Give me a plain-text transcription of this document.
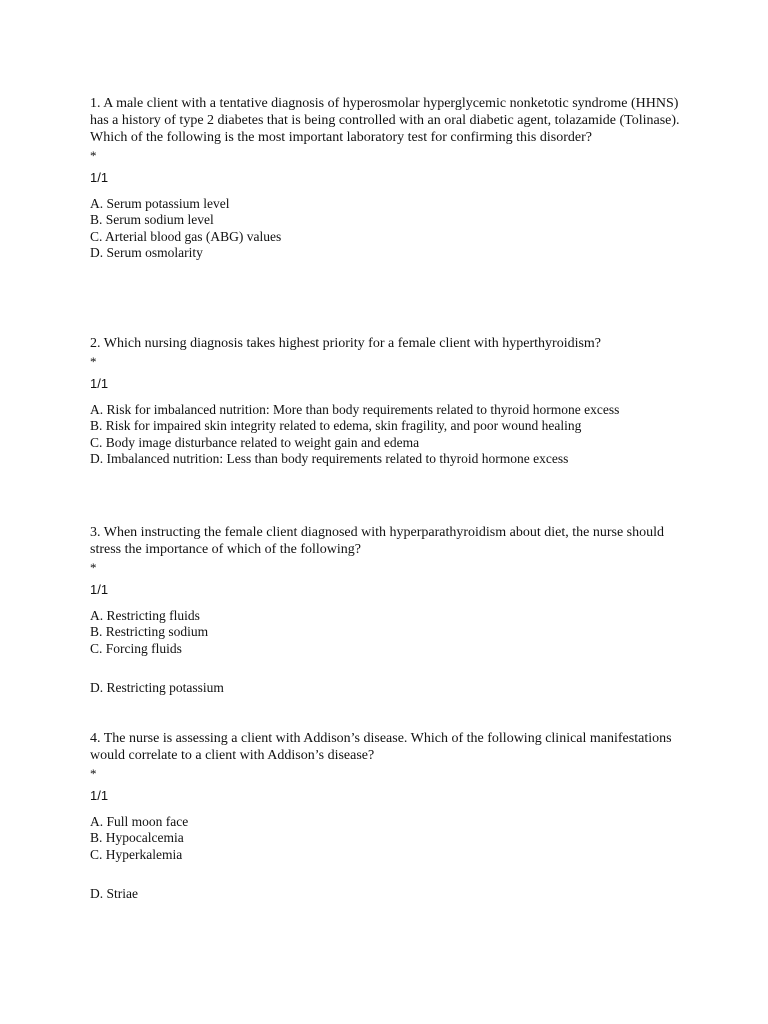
1. A male client with a tentative diagnosis of hyperosmolar hyperglycemic nonketotic syndrome (HHNS) has a history of type 2 diabetes that is being controlled with an oral diabetic agent, tolazamide (Tolinase). Which of the following is the most important laboratory test for confirming this disorder?

*

1/1

A. Serum potassium level
B. Serum sodium level
C. Arterial blood gas (ABG) values
D. Serum osmolarity

2. Which nursing diagnosis takes highest priority for a female client with hyperthyroidism?

*

1/1

A. Risk for imbalanced nutrition: More than body requirements related to thyroid hormone excess
B. Risk for impaired skin integrity related to edema, skin fragility, and poor wound healing
C. Body image disturbance related to weight gain and edema
D. Imbalanced nutrition: Less than body requirements related to thyroid hormone excess

3. When instructing the female client diagnosed with hyperparathyroidism about diet, the nurse should stress the importance of which of the following?

*

1/1

A. Restricting fluids
B. Restricting sodium
C. Forcing fluids
D. Restricting potassium

4. The nurse is assessing a client with Addison’s disease. Which of the following clinical manifestations would correlate to a client with Addison’s disease?

*

1/1

A. Full moon face
B. Hypocalcemia
C. Hyperkalemia
D. Striae
